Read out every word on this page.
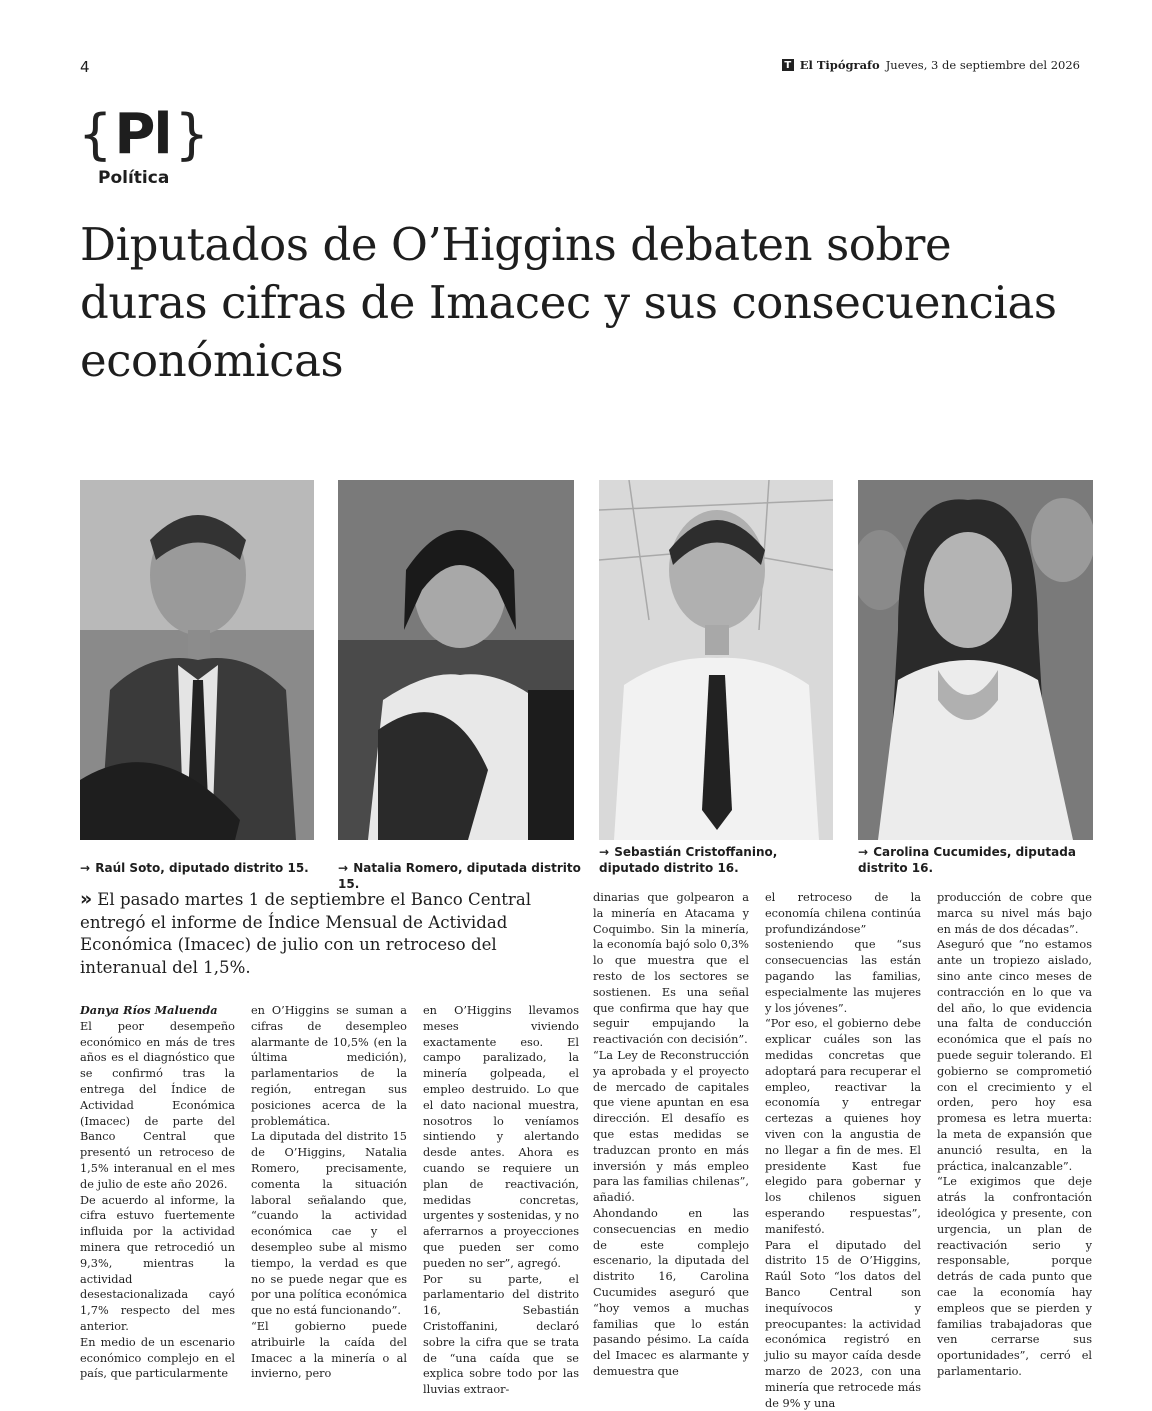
4	T El Tipógrafo Jueves, 3 de septiembre del 2026
{ Pl }
Política
Diputados de O’Higgins debaten sobre duras cifras de Imacec y sus consecuencias económicas
→ Raúl Soto, diputado distrito 15.	→ Natalia Romero, diputada distrito 15.
→ Sebastián Cristoffanino, diputado distrito 16.
→ Carolina Cucumides, diputada distrito 16.
» El pasado martes 1 de septiembre el Banco Central entregó el informe de Índice Mensual de Actividad Económica (Imacec) de julio con un retroceso del interanual del 1,5%.

Danya Ríos Maluenda

El peor desempeño económico en más de tres años es el diagnóstico que se confirmó tras la entrega del Índice de Actividad Económica (Imacec) de parte del Banco Central que presentó un retroceso de 1,5% interanual en el mes de julio de este año 2026.

De acuerdo al informe, la cifra estuvo fuertemente influida por la actividad minera que retrocedió un 9,3%, mientras la actividad desestacionalizada cayó 1,7% respecto del mes anterior.

En medio de un escenario económico complejo en el país, que particularmente

en O’Higgins se suman a cifras de desempleo alarmante de 10,5% (en la última medición), parlamentarios de la región, entregan sus posiciones acerca de la problemática.

La diputada del distrito 15 de O’Higgins, Natalia Romero, precisamente, comenta la situación laboral señalando que, “cuando la actividad económica cae y el desempleo sube al mismo tiempo, la verdad es que no se puede negar que es por una política económica que no está funcionando”.

“El gobierno puede atribuirle la caída del Imacec a la minería o al invierno, pero

en O’Higgins llevamos meses viviendo exactamente eso. El campo paralizado, la minería golpeada, el empleo destruido. Lo que el dato nacional muestra, nosotros lo veníamos sintiendo y alertando desde antes. Ahora es cuando se requiere un plan de reactivación, medidas concretas, urgentes y sostenidas, y no aferrarnos a proyecciones que pueden ser como pueden no ser”, agregó.

Por su parte, el parlamentario del distrito 16, Sebastián Cristoffanini, declaró sobre la cifra que se trata de “una caída que se explica sobre todo por las lluvias extraor-

dinarias que golpearon a la minería en Atacama y Coquimbo. Sin la minería, la economía bajó solo 0,3% lo que muestra que el resto de los sectores se sostienen. Es una señal que confirma que hay que seguir empujando la reactivación con decisión”.

“La Ley de Reconstrucción ya aprobada y el proyecto de mercado de capitales que viene apuntan en esa dirección. El desafío es que estas medidas se traduzcan pronto en más inversión y más empleo para las familias chilenas”, añadió.

Ahondando en las consecuencias en medio de este complejo escenario, la diputada del distrito 16, Carolina Cucumides aseguró que “hoy vemos a muchas familias que lo están pasando pésimo. La caída del Imacec es alarmante y demuestra que

el retroceso de la economía chilena continúa profundizándose” sosteniendo que “sus consecuencias las están pagando las familias, especialmente las mujeres y los jóvenes”.

“Por eso, el gobierno debe explicar cuáles son las medidas concretas que adoptará para recuperar el empleo, reactivar la economía y entregar certezas a quienes hoy viven con la angustia de no llegar a fin de mes. El presidente Kast fue elegido para gobernar y los chilenos siguen esperando respuestas”, manifestó.

Para el diputado del distrito 15 de O’Higgins, Raúl Soto “los datos del Banco Central son inequívocos y preocupantes: la actividad económica registró en julio su mayor caída desde marzo de 2023, con una minería que retrocede más de 9% y una

producción de cobre que marca su nivel más bajo en más de dos décadas”.

Aseguró que “no estamos ante un tropiezo aislado, sino ante cinco meses de contracción en lo que va del año, lo que evidencia una falta de conducción económica que el país no puede seguir tolerando. El gobierno se comprometió con el crecimiento y el orden, pero hoy esa promesa es letra muerta: la meta de expansión que anunció resulta, en la práctica, inalcanzable”.

“Le exigimos que deje atrás la confrontación ideológica y presente, con urgencia, un plan de reactivación serio y responsable, porque detrás de cada punto que cae la economía hay empleos que se pierden y familias trabajadoras que ven cerrarse sus oportunidades”, cerró el parlamentario.
